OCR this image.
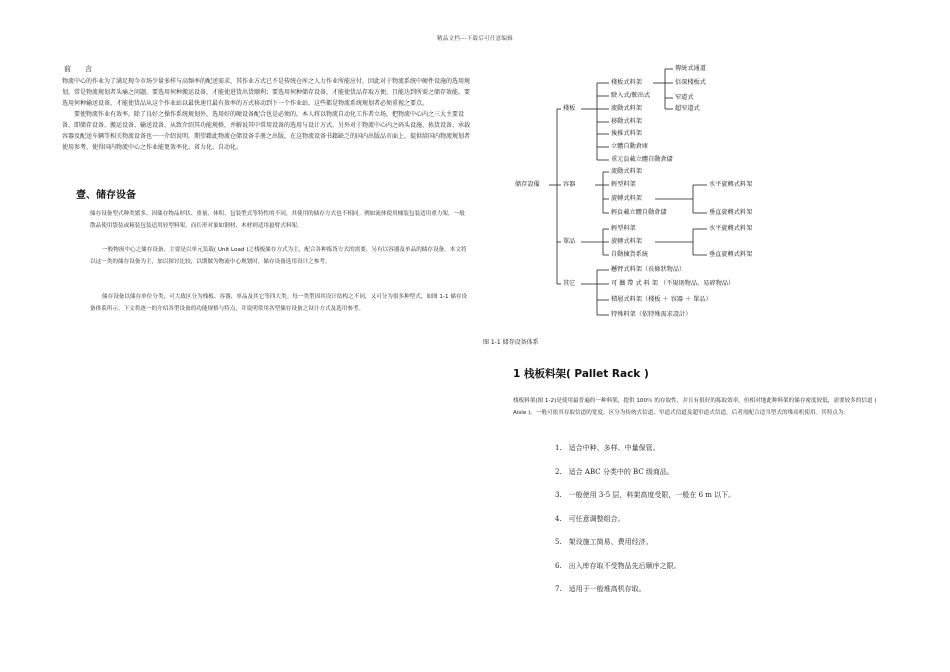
精品文档---下载后可任意编辑
前言

物流中心的作业为了满足现今市场少量多样与高频率的配送需求，其作业方式已不是传统仓库之人力作业所能应付，因此对于物流系统中硬件设施的选用规划，常是物流规划者头痛之问题。要选用何种搬运设备，才能使进货出货顺利；要选用何种储存设备，才能使货品存取方便，且能达到所需之储存效能。要选用何种输送设备，才能使货品从这个作业站以最快速且最有效率的方式移动到下一个作业站，这些都是物流系统规划者必须重视之要点。

要使物流作业有效率，除了良好之操作系统规划外，选用好的硬设备配合也是必须的。本人将以物流自动化工作者立场，把物流中心内之三大主要设备，即储存设备、搬运设备、输送设备，从致介绍其功能规格，并解说其中常用设备的选用与设计方式，另外对于物流中心内之码头设施、拣货设备、承载容器及配送车辆等相关物流设备也一一介绍说明，期望藉此物流仓储设备手册之出版，在这物流设备书籍缺乏的国内出版品市面上，提供给国内物流规划者使用参考，使得国内物流中心之作业能更效率化、省力化、自动化。

壹、储存设备

储存设备型式种类繁多，因储存物品形状、重量、体积、包装型式等特性的不同，其使用的储存方式也不相同。例如流体使用桶装包装适用重力架，一般散品使用袋装或箱装包装适用轻型料架，而长形对象如钢材、木材则适用悬臂式料架。

一般物流中心之储存设备，主要是以单元负载( Unit Load )之栈板储存方式为主，配合各种拣货方式的需要，另有以容器及单品的储存设备。本文将以这一类的储存设备为主，加以探讨比较，以期做为物流中心规划时，储存设备选用设计之参考。

储存设备以储存单位分类，可大致区分为栈板、容器、单品及其它等四大类。每一类型因其设计结构之不同，又可分为很多种型式，如图 1-1 储存设备体系所示。下文将逐一的介绍各型设备的功能规格与特点，并说明常用各型储存设备之设计方式及选用参考。

储存設備
棧板
容器
單品
其它
棧板式料架
駛入式/駛出式
流動式料架
移動式料架
後推式料架
立體自動倉庫
重元負載立體自動倉儲
傳統式通道
倍深棧板式
窄道式
超窄道式
流動式料架
輕型料架
旋轉式料架
輕負載立體自動倉儲
水平旋轉式料架
垂直旋轉式料架
輕型料架
旋轉式料架
自動揀貨系統
水平旋轉式料架
垂直旋轉式料架
懸臂式料架（長條狀物品）
可 攜 帶 式 料 架 （不規則物品、易碎物品）
積層式料架（棧板 ＋ 容器 ＋ 單品）
特殊料架（依特殊需求設計）
图 1-1 储存设备体系
1 栈板料架( Pallet Rack )

栈板料架(图 1-2)是使用最普遍的一种料架，提供 100％ 的存取性，并且有很好的拣取效率。但相对地此种料架的储存密度较低，需要较多的信道 ( Aisle )。一般可依其存取信道的宽度，区分为传统式信道、窄道式信道及超窄道式信道，后者需配合适当型式的堆高机使用。其特点为：

1.　适合中种、多样、中量保管。
2.　适合 ABC 分类中的 BC 级商品。
3.　一般使用 3-5 层，料架高度受限，一般在 6 m 以下。
4.　可任意调整组合。
5.　架设施工简易、费用经济。
6.　出入库存取不受物品先后顺序之限。
7.　适用于一般堆高机存取。
